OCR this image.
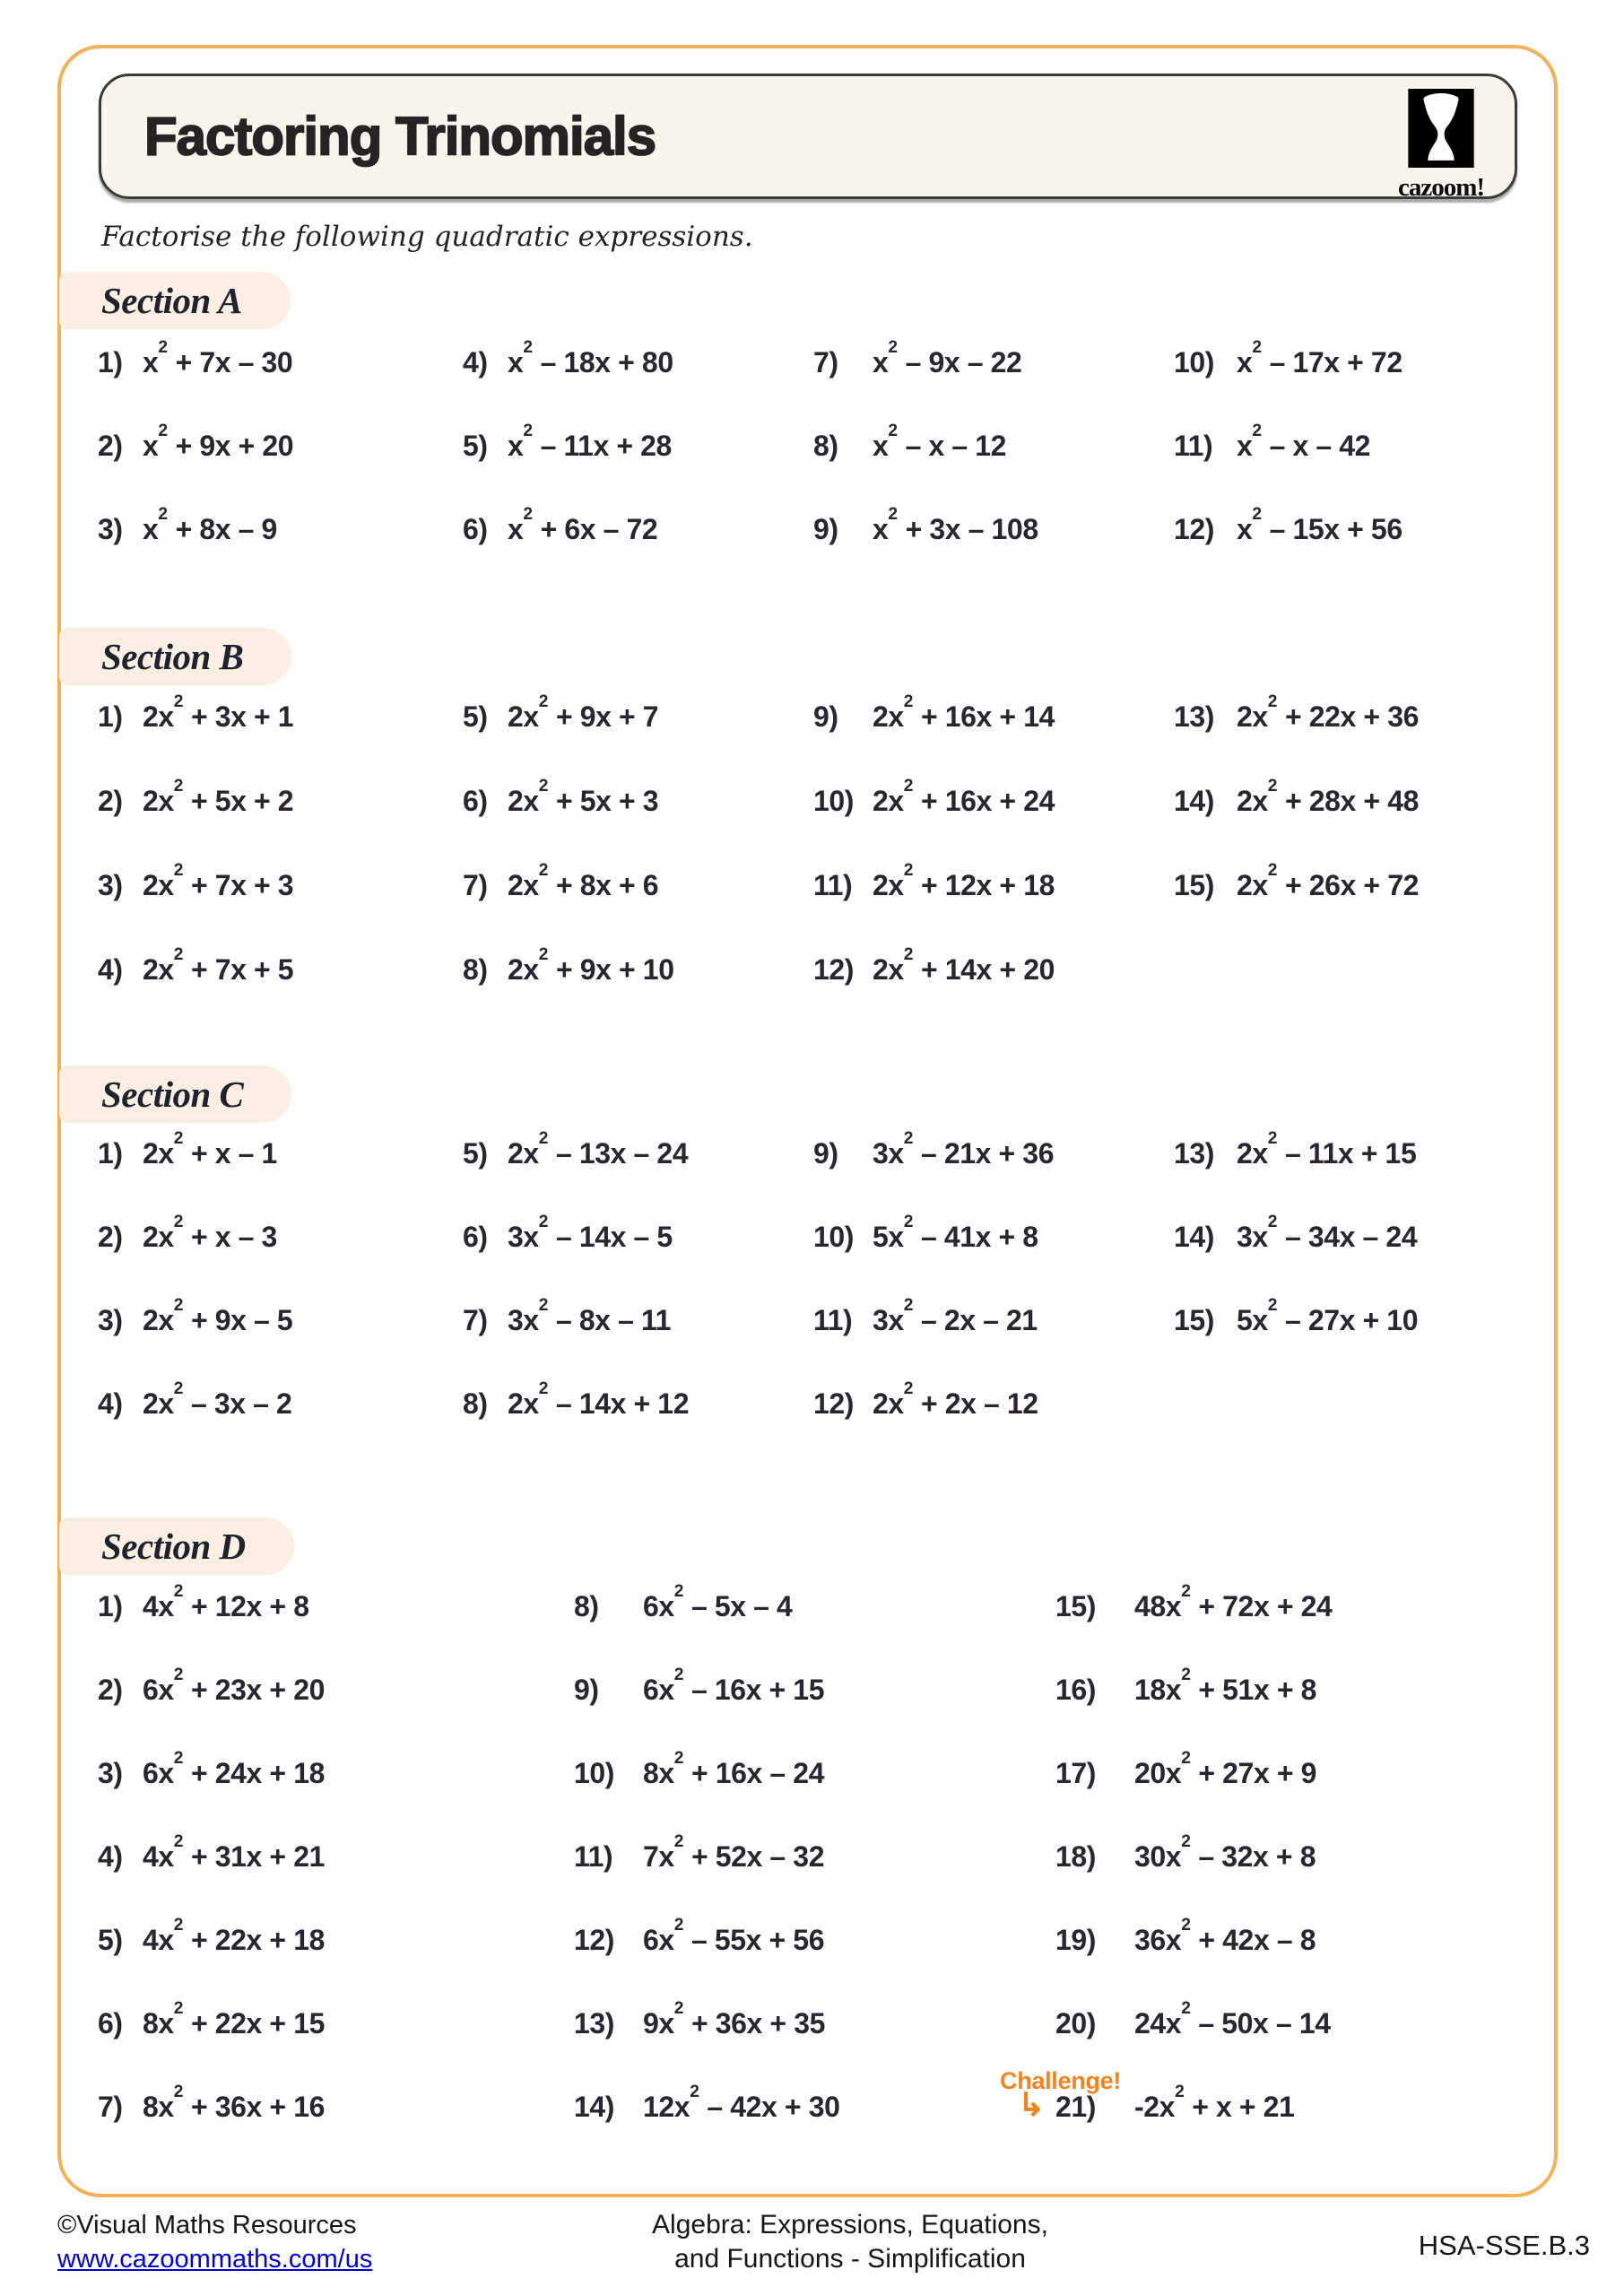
Factoring Trinomials
cazoom!

Factorise the following quadratic expressions.

Section A
1) $x^2 + 7x - 30$
2) $x^2 + 9x + 20$
3) $x^2 + 8x - 9$
4) $x^2 - 18x + 80$
5) $x^2 - 11x + 28$
6) $x^2 + 6x - 72$
7)	$x^2 - 9x - 22$
8)	$x^2$ – x – 12
9)	$x^2 + 3x - 108$
10) $x^2 - 17x + 72$
11) $x^2$ – x – 42
12) $x^2 - 15x + 56$
Section B
1) $2x^2 + 3x + 1$
2) $2x^2 + 5x + 2$
3) $2x^2 + 7x + 3$
4) $2x^2 + 7x + 5$
5) $2x^2 + 9x + 7$
6) $2x^2 + 5x + 3$
7) $2x^2 + 8x + 6$
8) $2x^2 + 9x + 10$
9)	$2x^2 + 16x + 14$
10) $2x^2 + 16x + 24$
11) $2x^2 + 12x + 18$
12) $2x^2 + 14x + 20$
13) $2x^2 + 22x + 36$
14) $2x^2 + 28x + 48$
15) $2x^2 + 26x + 72$
Section C
1) $2x^2 + x - 1$
2) $2x^2 + x - 3$
3) $2x^2 + 9x - 5$
4) $2x^2 - 3x - 2$
5) $2x^2 - 13x - 24$
6) $3x^2 - 14x - 5$
7) $3x^2 - 8x - 11$
8) $2x^2 - 14x + 12$
9)	$3x^2 - 21x + 36$
10) $5x^2 - 41x + 8$
11) $3x^2 - 2x - 21$
12) $2x^2 + 2x - 12$
13) $2x^2 - 11x + 15$
14) $3x^2 - 34x - 24$
15) $5x^2 - 27x + 10$
Section D
1) $4x^2 + 12x + 8$
2) $6x^2 + 23x + 20$
3) $6x^2 + 24x + 18$
4) $4x^2 + 31x + 21$
5) $4x^2 + 22x + 18$
6) $8x^2 + 22x + 15$
7) $8x^2 + 36x + 16$
8)	$6x^2 - 5x - 4$
9)	$6x^2 - 16x + 15$
10) $8x^2 + 16x - 24$
11)	$7x^2 + 52x - 32$
12) $6x^2 - 55x + 56$
13) $9x^2 + 36x + 35$
14) $12x^2 - 42x + 30$
15)	$48x^2 + 72x + 24$
16)	$18x^2 + 51x + 8$
17)	$20x^2 + 27x + 9$
18)	$30x^2 - 32x + 8$
19)	$36x^2 + 42x - 8$
20)	$24x^2 - 50x - 14$
Challenge!
↳ 21)	$-2x^2 + x + 21$
©Visual Maths Resources
www.cazoommaths.com/us
Algebra: Expressions, Equations,
and Functions - Simplification	HSA-SSE.B.3
